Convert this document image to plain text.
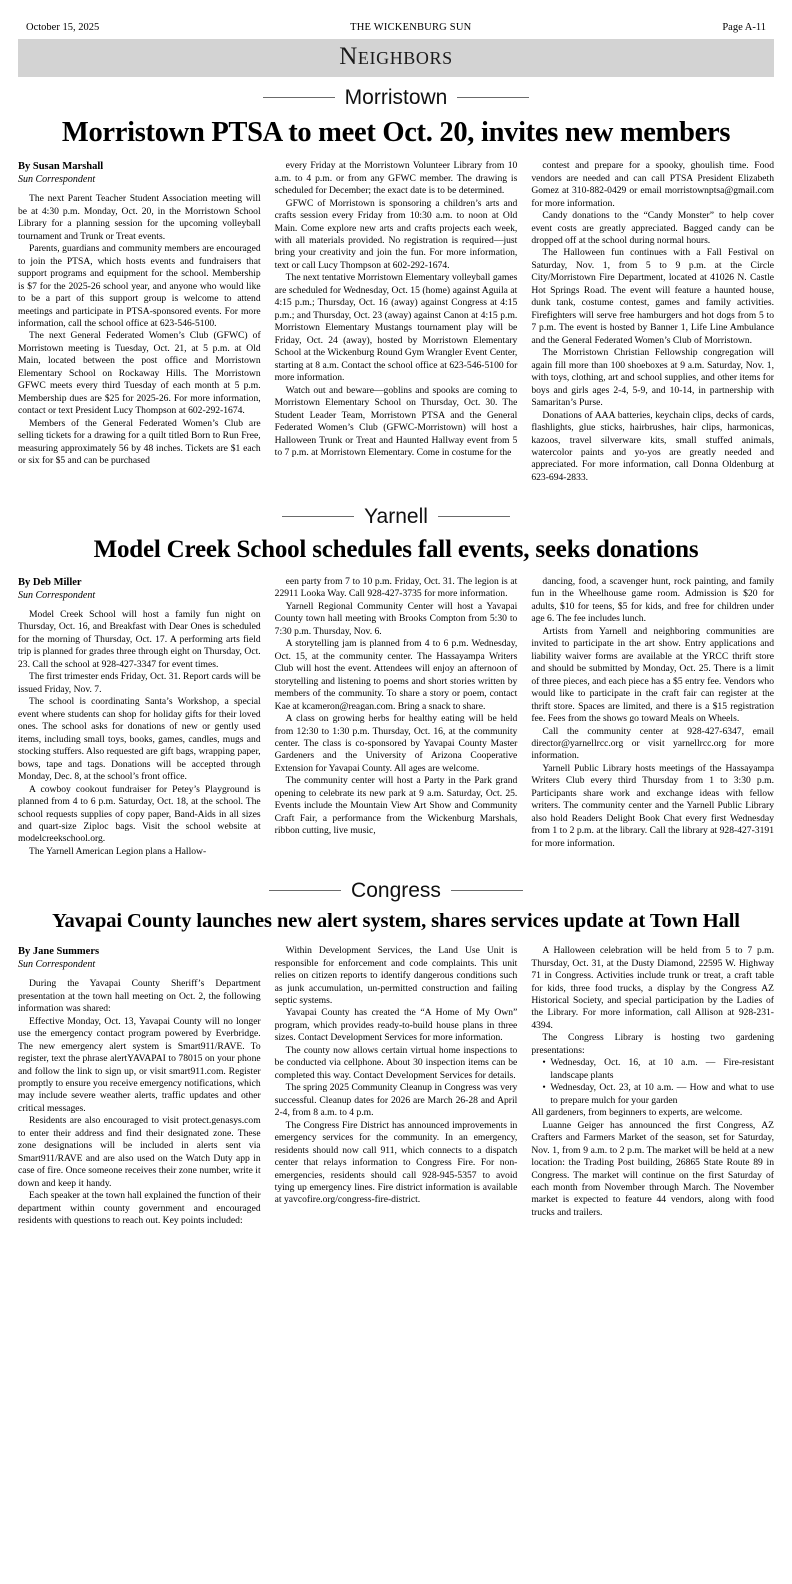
October 15, 2025	THE WICKENBURG SUN	Page A-11
Neighbors
Morristown
Morristown PTSA to meet Oct. 20, invites new members
By Susan Marshall
Sun Correspondent

The next Parent Teacher Student Association meeting will be at 4:30 p.m. Monday, Oct. 20, in the Morristown School Library for a planning session for the upcoming volleyball tournament and Trunk or Treat events.

Parents, guardians and community members are encouraged to join the PTSA, which hosts events and fundraisers that support programs and equipment for the school. Membership is $7 for the 2025-26 school year, and anyone who would like to be a part of this support group is welcome to attend meetings and participate in PTSA-sponsored events. For more information, call the school office at 623-546-5100.

The next General Federated Women’s Club (GFWC) of Morristown meeting is Tuesday, Oct. 21, at 5 p.m. at Old Main, located between the post office and Morristown Elementary School on Rockaway Hills. The Morristown GFWC meets every third Tuesday of each month at 5 p.m. Membership dues are $25 for 2025-26. For more information, contact or text President Lucy Thompson at 602-292-1674.

Members of the General Federated Women’s Club are selling tickets for a drawing for a quilt titled Born to Run Free, measuring approximately 56 by 48 inches. Tickets are $1 each or six for $5 and can be purchased

every Friday at the Morristown Volunteer Library from 10 a.m. to 4 p.m. or from any GFWC member. The drawing is scheduled for December; the exact date is to be determined.

GFWC of Morristown is sponsoring a children’s arts and crafts session every Friday from 10:30 a.m. to noon at Old Main. Come explore new arts and crafts projects each week, with all materials provided. No registration is required—just bring your creativity and join the fun. For more information, text or call Lucy Thompson at 602-292-1674.

The next tentative Morristown Elementary volleyball games are scheduled for Wednesday, Oct. 15 (home) against Aguila at 4:15 p.m.; Thursday, Oct. 16 (away) against Congress at 4:15 p.m.; and Thursday, Oct. 23 (away) against Canon at 4:15 p.m. Morristown Elementary Mustangs tournament play will be Friday, Oct. 24 (away), hosted by Morristown Elementary School at the Wickenburg Round Gym Wrangler Event Center, starting at 8 a.m. Contact the school office at 623-546-5100 for more information.

Watch out and beware—goblins and spooks are coming to Morristown Elementary School on Thursday, Oct. 30. The Student Leader Team, Morristown PTSA and the General Federated Women’s Club (GFWC-Morristown) will host a Halloween Trunk or Treat and Haunted Hallway event from 5 to 7 p.m. at Morristown Elementary. Come in costume for the

contest and prepare for a spooky, ghoulish time. Food vendors are needed and can call PTSA President Elizabeth Gomez at 310-882-0429 or email morristownptsa@gmail.com for more information.

Candy donations to the “Candy Monster” to help cover event costs are greatly appreciated. Bagged candy can be dropped off at the school during normal hours.

The Halloween fun continues with a Fall Festival on Saturday, Nov. 1, from 5 to 9 p.m. at the Circle City/Morristown Fire Department, located at 41026 N. Castle Hot Springs Road. The event will feature a haunted house, dunk tank, costume contest, games and family activities. Firefighters will serve free hamburgers and hot dogs from 5 to 7 p.m. The event is hosted by Banner 1, Life Line Ambulance and the General Federated Women’s Club of Morristown.

The Morristown Christian Fellowship congregation will again fill more than 100 shoeboxes at 9 a.m. Saturday, Nov. 1, with toys, clothing, art and school supplies, and other items for boys and girls ages 2-4, 5-9, and 10-14, in partnership with Samaritan’s Purse.

Donations of AAA batteries, keychain clips, decks of cards, flashlights, glue sticks, hairbrushes, hair clips, harmonicas, kazoos, travel silverware kits, small stuffed animals, watercolor paints and yo-yos are greatly needed and appreciated. For more information, call Donna Oldenburg at 623-694-2833.

Yarnell
Model Creek School schedules fall events, seeks donations
By Deb Miller
Sun Correspondent

Model Creek School will host a family fun night on Thursday, Oct. 16, and Breakfast with Dear Ones is scheduled for the morning of Thursday, Oct. 17. A performing arts field trip is planned for grades three through eight on Thursday, Oct. 23. Call the school at 928-427-3347 for event times.

The first trimester ends Friday, Oct. 31. Report cards will be issued Friday, Nov. 7.

The school is coordinating Santa’s Workshop, a special event where students can shop for holiday gifts for their loved ones. The school asks for donations of new or gently used items, including small toys, books, games, candles, mugs and stocking stuffers. Also requested are gift bags, wrapping paper, bows, tape and tags. Donations will be accepted through Monday, Dec. 8, at the school’s front office.

A cowboy cookout fundraiser for Petey’s Playground is planned from 4 to 6 p.m. Saturday, Oct. 18, at the school. The school requests supplies of copy paper, Band-Aids in all sizes and quart-size Ziploc bags. Visit the school website at modelcreekschool.org.

The Yarnell American Legion plans a Hallow-

een party from 7 to 10 p.m. Friday, Oct. 31. The legion is at 22911 Looka Way. Call 928-427-3735 for more information.

Yarnell Regional Community Center will host a Yavapai County town hall meeting with Brooks Compton from 5:30 to 7:30 p.m. Thursday, Nov. 6.

A storytelling jam is planned from 4 to 6 p.m. Wednesday, Oct. 15, at the community center. The Hassayampa Writers Club will host the event. Attendees will enjoy an afternoon of storytelling and listening to poems and short stories written by members of the community. To share a story or poem, contact Kae at kcameron@reagan.com. Bring a snack to share.

A class on growing herbs for healthy eating will be held from 12:30 to 1:30 p.m. Thursday, Oct. 16, at the community center. The class is co-sponsored by Yavapai County Master Gardeners and the University of Arizona Cooperative Extension for Yavapai County. All ages are welcome.

The community center will host a Party in the Park grand opening to celebrate its new park at 9 a.m. Saturday, Oct. 25. Events include the Mountain View Art Show and Community Craft Fair, a performance from the Wickenburg Marshals, ribbon cutting, live music,

dancing, food, a scavenger hunt, rock painting, and family fun in the Wheelhouse game room. Admission is $20 for adults, $10 for teens, $5 for kids, and free for children under age 6. The fee includes lunch.

Artists from Yarnell and neighboring communities are invited to participate in the art show. Entry applications and liability waiver forms are available at the YRCC thrift store and should be submitted by Monday, Oct. 25. There is a limit of three pieces, and each piece has a $5 entry fee. Vendors who would like to participate in the craft fair can register at the thrift store. Spaces are limited, and there is a $15 registration fee. Fees from the shows go toward Meals on Wheels.

Call the community center at 928-427-6347, email director@yarnellrcc.org or visit yarnellrcc.org for more information.

Yarnell Public Library hosts meetings of the Hassayampa Writers Club every third Thursday from 1 to 3:30 p.m. Participants share work and exchange ideas with fellow writers. The community center and the Yarnell Public Library also hold Readers Delight Book Chat every first Wednesday from 1 to 2 p.m. at the library. Call the library at 928-427-3191 for more information.

Congress
Yavapai County launches new alert system, shares services update at Town Hall
By Jane Summers
Sun Correspondent

During the Yavapai County Sheriff’s Department presentation at the town hall meeting on Oct. 2, the following information was shared:

Effective Monday, Oct. 13, Yavapai County will no longer use the emergency contact program powered by Everbridge. The new emergency alert system is Smart911/RAVE. To register, text the phrase alertYAVAPAI to 78015 on your phone and follow the link to sign up, or visit smart911.com. Register promptly to ensure you receive emergency notifications, which may include severe weather alerts, traffic updates and other critical messages.

Residents are also encouraged to visit protect.genasys.com to enter their address and find their designated zone. These zone designations will be included in alerts sent via Smart911/RAVE and are also used on the Watch Duty app in case of fire. Once someone receives their zone number, write it down and keep it handy.

Each speaker at the town hall explained the function of their department within county government and encouraged residents with questions to reach out. Key points included:

Within Development Services, the Land Use Unit is responsible for enforcement and code complaints. This unit relies on citizen reports to identify dangerous conditions such as junk accumulation, un-permitted construction and failing septic systems.

Yavapai County has created the “A Home of My Own” program, which provides ready-to-build house plans in three sizes. Contact Development Services for more information.

The county now allows certain virtual home inspections to be conducted via cellphone. About 30 inspection items can be completed this way. Contact Development Services for details.

The spring 2025 Community Cleanup in Congress was very successful. Cleanup dates for 2026 are March 26-28 and April 2-4, from 8 a.m. to 4 p.m.

The Congress Fire District has announced improvements in emergency services for the community. In an emergency, residents should now call 911, which connects to a dispatch center that relays information to Congress Fire. For non-emergencies, residents should call 928-945-5357 to avoid tying up emergency lines. Fire district information is available at yavcofire.org/congress-fire-district.

A Halloween celebration will be held from 5 to 7 p.m. Thursday, Oct. 31, at the Dusty Diamond, 22595 W. Highway 71 in Congress. Activities include trunk or treat, a craft table for kids, three food trucks, a display by the Congress AZ Historical Society, and special participation by the Ladies of the Library. For more information, call Allison at 928-231-4394.

The Congress Library is hosting two gardening presentations:

• Wednesday, Oct. 16, at 10 a.m. — Fire-resistant landscape plants
• Wednesday, Oct. 23, at 10 a.m. — How and what to use to prepare mulch for your garden

All gardeners, from beginners to experts, are welcome.

Luanne Geiger has announced the first Congress, AZ Crafters and Farmers Market of the season, set for Saturday, Nov. 1, from 9 a.m. to 2 p.m. The market will be held at a new location: the Trading Post building, 26865 State Route 89 in Congress. The market will continue on the first Saturday of each month from November through March. The November market is expected to feature 44 vendors, along with food trucks and trailers.
